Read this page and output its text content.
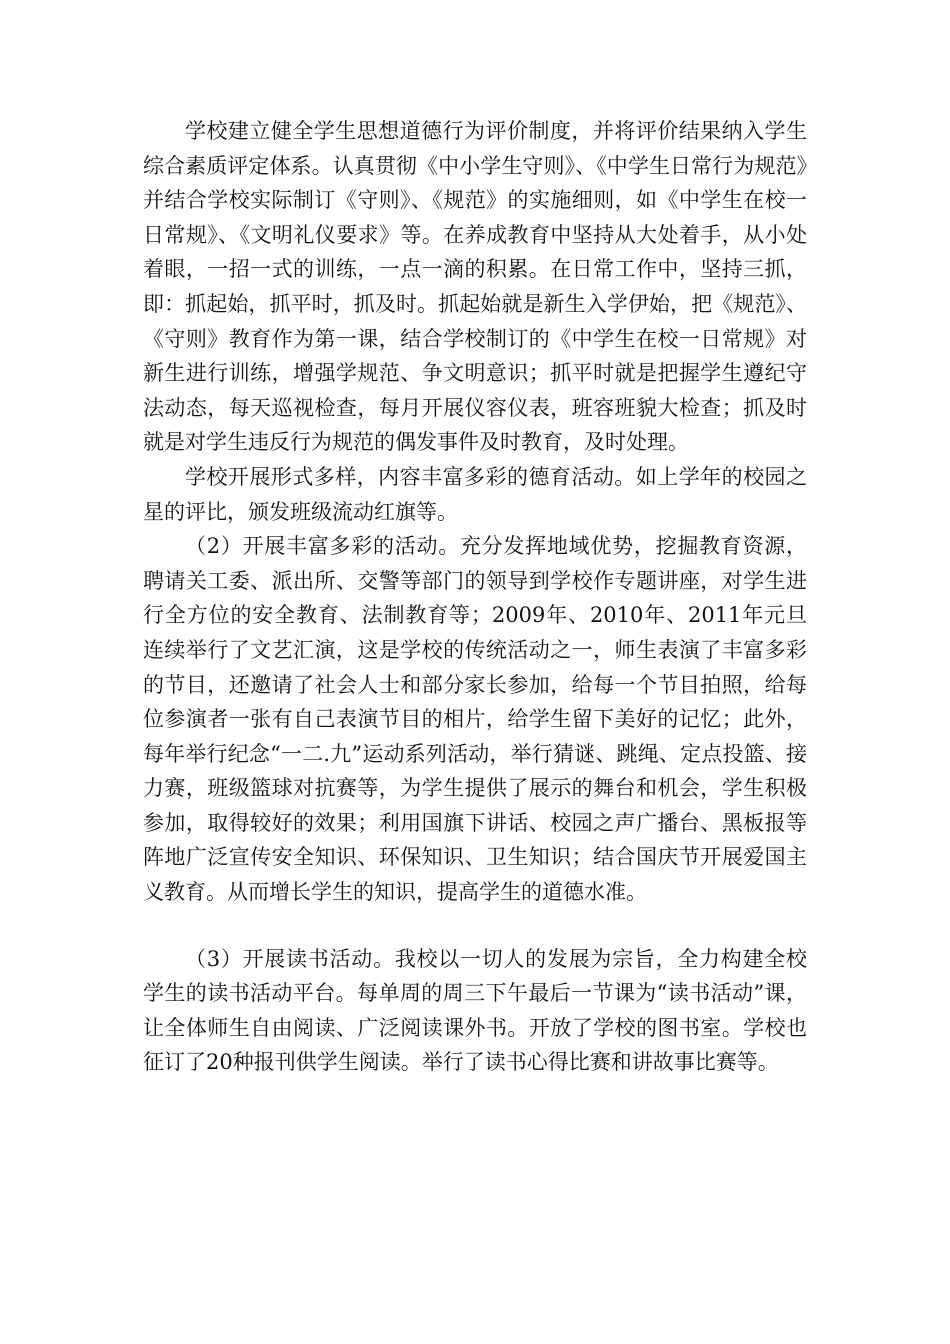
学校建立健全学生思想道德行为评价制度，并将评价结果纳入学生综合素质评定体系。认真贯彻《中小学生守则》、《中学生日常行为规范》并结合学校实际制订《守则》、《规范》的实施细则，如《中学生在校一日常规》、《文明礼仪要求》等。在养成教育中坚持从大处着手，从小处着眼，一招一式的训练，一点一滴的积累。在日常工作中，坚持三抓，即：抓起始，抓平时，抓及时。抓起始就是新生入学伊始，把《规范》、《守则》教育作为第一课，结合学校制订的《中学生在校一日常规》对新生进行训练，增强学规范、争文明意识；抓平时就是把握学生遵纪守法动态，每天巡视检查，每月开展仪容仪表，班容班貌大检查；抓及时就是对学生违反行为规范的偶发事件及时教育，及时处理。

学校开展形式多样，内容丰富多彩的德育活动。如上学年的校园之星的评比，颁发班级流动红旗等。

（2）开展丰富多彩的活动。充分发挥地域优势，挖掘教育资源，聘请关工委、派出所、交警等部门的领导到学校作专题讲座，对学生进行全方位的安全教育、法制教育等；2009年、2010年、2011年元旦连续举行了文艺汇演，这是学校的传统活动之一，师生表演了丰富多彩的节目，还邀请了社会人士和部分家长参加，给每一个节目拍照，给每位参演者一张有自己表演节目的相片，给学生留下美好的记忆；此外，每年举行纪念“一二.九”运动系列活动，举行猜谜、跳绳、定点投篮、接力赛，班级篮球对抗赛等，为学生提供了展示的舞台和机会，学生积极参加，取得较好的效果；利用国旗下讲话、校园之声广播台、黑板报等阵地广泛宣传安全知识、环保知识、卫生知识；结合国庆节开展爱国主义教育。从而增长学生的知识，提高学生的道德水准。

（3）开展读书活动。我校以一切人的发展为宗旨，全力构建全校学生的读书活动平台。每单周的周三下午最后一节课为“读书活动”课，让全体师生自由阅读、广泛阅读课外书。开放了学校的图书室。学校也征订了20种报刊供学生阅读。举行了读书心得比赛和讲故事比赛等。
